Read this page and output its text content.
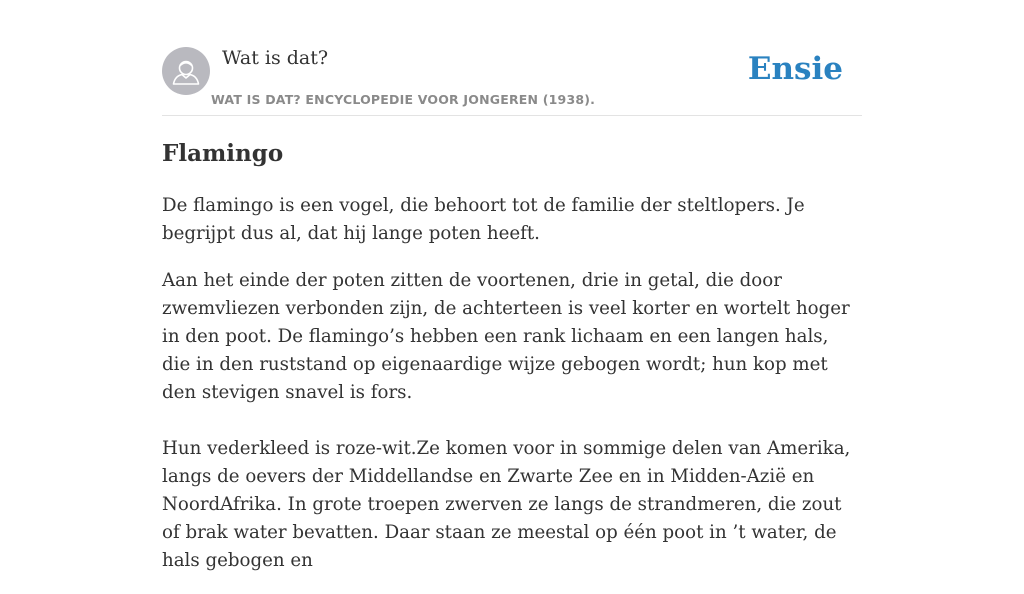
Wat is dat?
WAT IS DAT? ENCYCLOPEDIE VOOR JONGEREN (1938).
Ensie
Flamingo

De flamingo is een vogel, die behoort tot de familie der steltlopers. Je begrijpt dus al, dat hij lange poten heeft.

Aan het einde der poten zitten de voortenen, drie in getal, die door zwemvliezen verbonden zijn, de achterteen is veel korter en wortelt hoger in den poot. De flamingo’s hebben een rank lichaam en een langen hals, die in den ruststand op eigenaardige wijze gebogen wordt; hun kop met den stevigen snavel is fors.

Hun vederkleed is roze-wit.Ze komen voor in sommige delen van Amerika, langs de oevers der Middellandse en Zwarte Zee en in Midden-Azië en NoordAfrika. In grote troepen zwerven ze langs de strandmeren, die zout of brak water bevatten. Daar staan ze meestal op één poot in ’t water, de hals gebogen en
